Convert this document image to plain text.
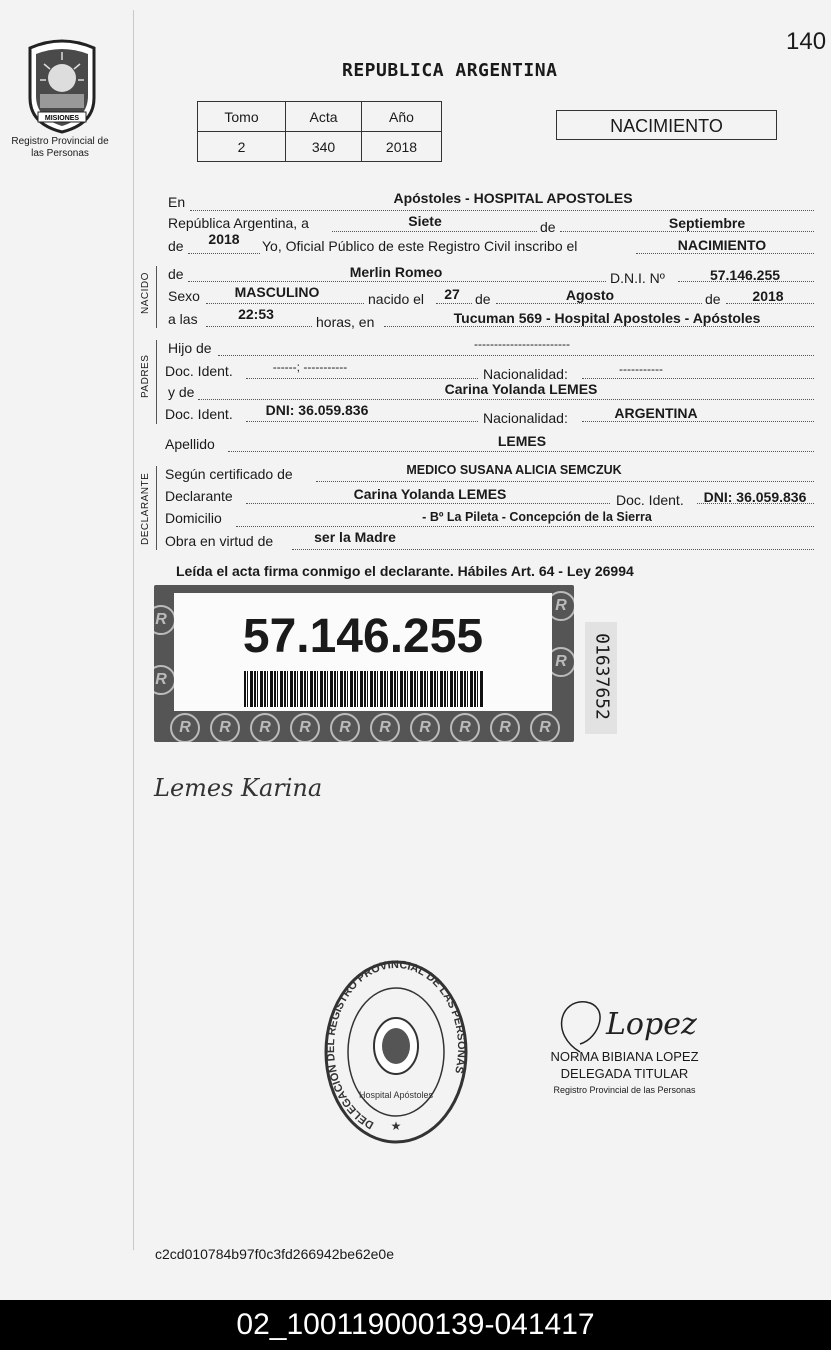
140
MISIONES
Registro Provincial de las Personas
REPUBLICA ARGENTINA
Tomo	Acta	Año
2	340	2018
NACIMIENTO
En	Apóstoles - HOSPITAL APOSTOLES
República Argentina, a	Siete	de	Septiembre
de 2018 Yo, Oficial Público de este Registro Civil inscribo el	NACIMIENTO
NACIDO de	Merlin Romeo	D.N.I. Nº	57.146.255
Sexo MASCULINO	nacido el 27 de	Agosto	de 2018
a las	22:53	horas, en	Tucuman 569 - Hospital Apostoles - Apóstoles
PADRES
Hijo de	------------------------
Doc. Ident.	------; -----------	Nacionalidad:	-----------
y de	Carina Yolanda LEMES
Doc. Ident. DNI: 36.059.836	Nacionalidad:	ARGENTINA
Apellido	LEMES
DECLARANTE Según certificado de	MEDICO SUSANA ALICIA SEMCZUK
Declarante	Carina Yolanda LEMES	Doc. Ident. DNI: 36.059.836
Domicilio	- Bº La Pileta - Concepción de la Sierra
Obra en virtud de	ser la Madre
Leída el acta firma conmigo el declarante. Hábiles Art. 64 - Ley 26994
R
R
R
R
R	R	R	R	R	R	R	R	R	R
57.146.255	01637652
Lemes Karina
DELEGACION DEL REGISTRO PROVINCIAL DE LAS PERSONAS
Hospital Apóstoles
★
Lopez
NORMA BIBIANA LOPEZ
DELEGADA TITULAR
Registro Provincial de las Personas
c2cd010784b97f0c3fd266942be62e0e
02_100119000139-041417
